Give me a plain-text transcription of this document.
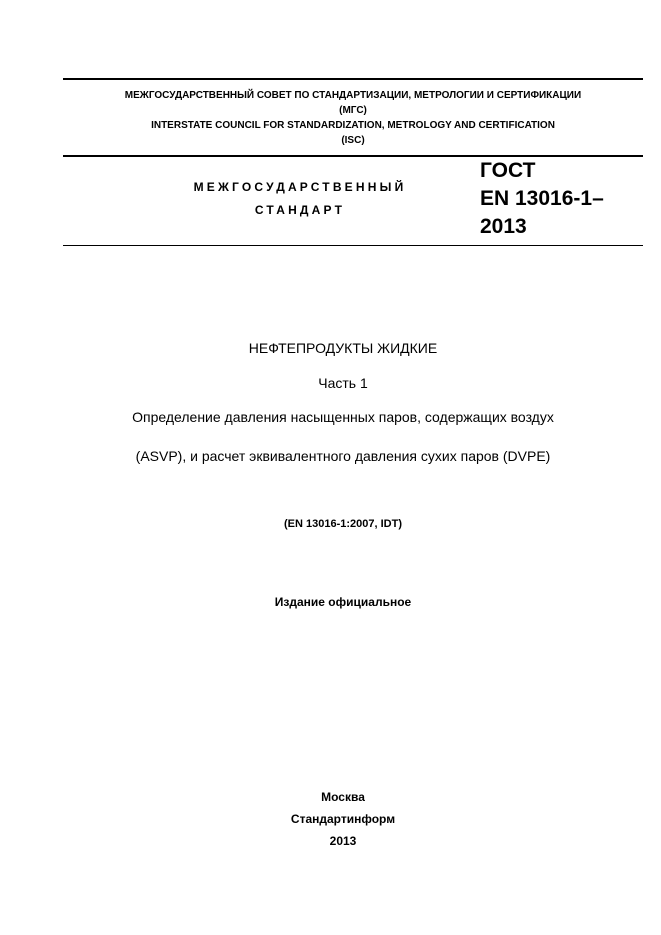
МЕЖГОСУДАРСТВЕННЫЙ СОВЕТ ПО СТАНДАРТИЗАЦИИ, МЕТРОЛОГИИ И СЕРТИФИКАЦИИ
(МГС)
INTERSTATE COUNCIL FOR STANDARDIZATION, METROLOGY AND CERTIFICATION
(ISC)
МЕЖГОСУДАРСТВЕННЫЙ
СТАНДАРТ
ГОСТ
EN 13016-1–
2013
НЕФТЕПРОДУКТЫ ЖИДКИЕ
Часть 1
Определение давления насыщенных паров, содержащих воздух
(ASVP), и расчет эквивалентного давления сухих паров (DVPE)
(EN 13016-1:2007, IDT)
Издание официальное
Москва
Стандартинформ
2013
